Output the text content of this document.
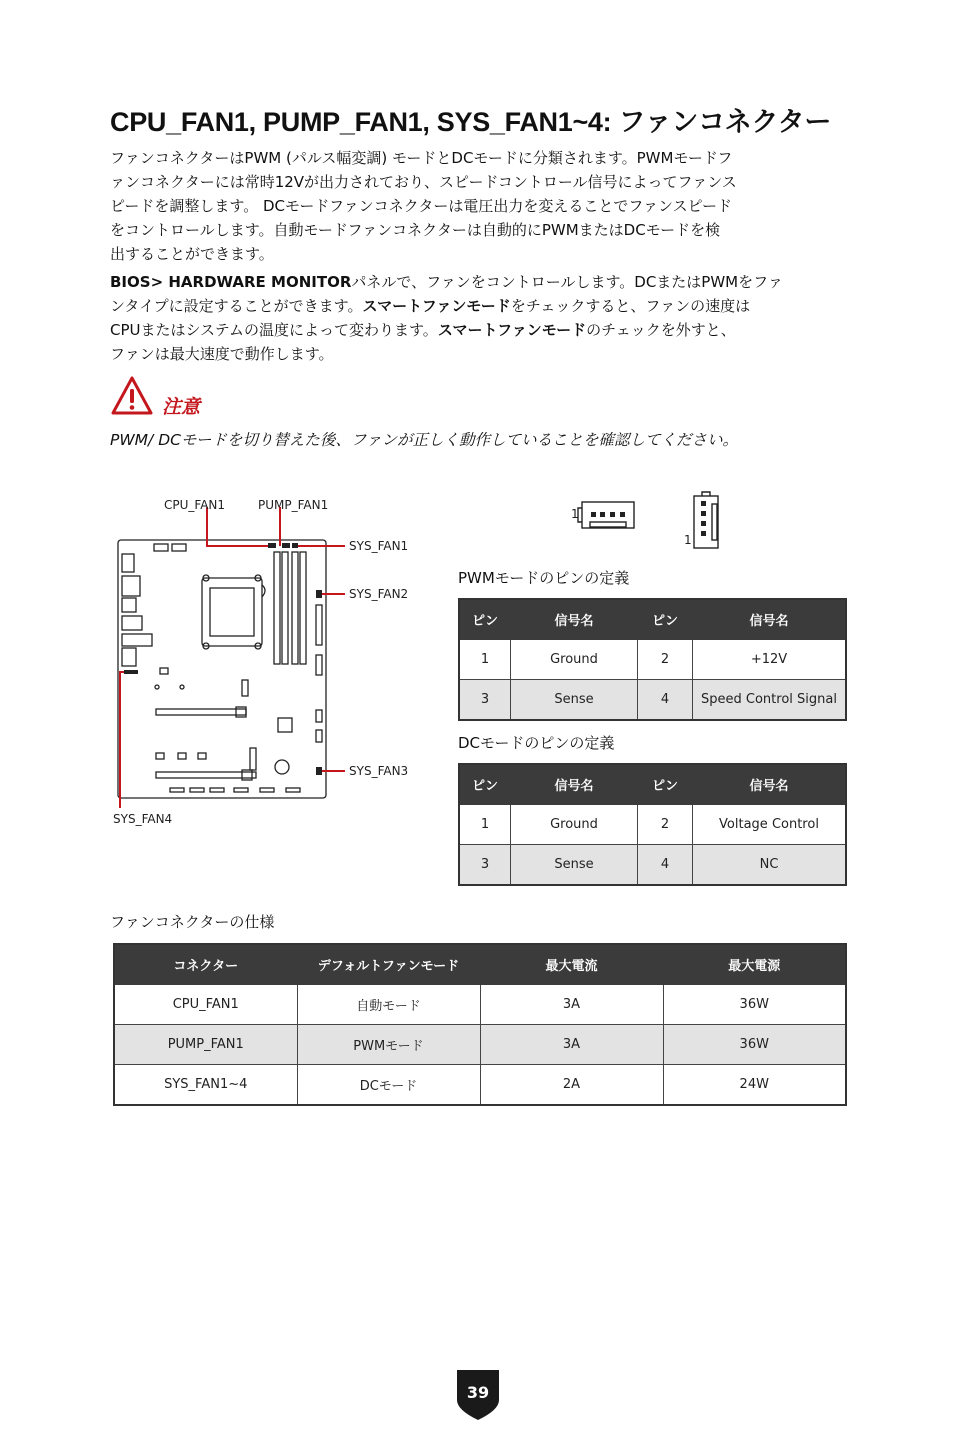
CPU_FAN1, PUMP_FAN1, SYS_FAN1~4: ファンコネクター
ファンコネクターはPWM (パルス幅変調) モードとDCモードに分類されます。PWMモードフ
ァンコネクターには常時12Vが出力されており、スピードコントロール信号によってファンス
ピードを調整します。 DCモードファンコネクターは電圧出力を変えることでファンスピード
をコントロールします。自動モードファンコネクターは自動的にPWMまたはDCモードを検
出することができます。
BIOS> HARDWARE MONITORパネルで、ファンをコントロールします。DCまたはPWMをファ
ンタイプに設定することができます。スマートファンモードをチェックすると、ファンの速度は
CPUまたはシステムの温度によって変わります。スマートファンモードのチェックを外すと、
ファンは最大速度で動作します。
注意
PWM/ DCモードを切り替えた後、ファンが正しく動作していることを確認してください。
CPU_FAN1	PUMP_FAN1
SYS_FAN1
SYS_FAN2
SYS_FAN3
SYS_FAN4
1
1
PWMモードのピンの定義
ピン	信号名	ピン	信号名
1	Ground	2	+12V
3	Sense	4	Speed Control Signal
DCモードのピンの定義
ピン	信号名	ピン	信号名
1	Ground	2	Voltage Control
3	Sense	4	NC
ファンコネクターの仕様
コネクター	デフォルトファンモード	最大電流	最大電源
CPU_FAN1	自動モード	3A	36W
PUMP_FAN1	PWMモード	3A	36W
SYS_FAN1~4	DCモード	2A	24W
39
